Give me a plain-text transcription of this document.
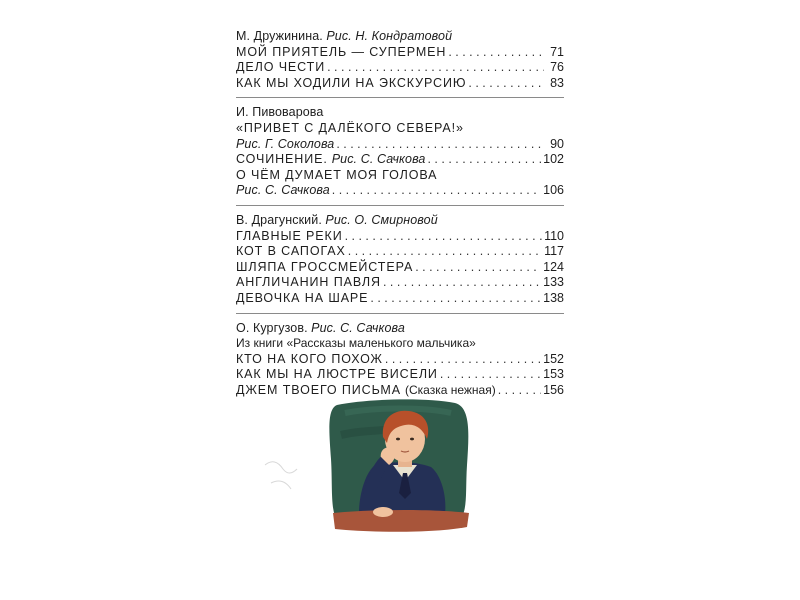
М. Дружинина. Рис. Н. Кондратовой
МОЙ ПРИЯТЕЛЬ — СУПЕРМЕН . . .	71
ДЕЛО ЧЕСТИ . . .	76
КАК МЫ ХОДИЛИ НА ЭКСКУРСИЮ . . .	83
И. Пивоварова
«ПРИВЕТ С ДАЛЁКОГО СЕВЕРА!»
Рис. Г. Соколова . . .	90
СОЧИНЕНИЕ. Рис. С. Сачкова . . .	102
О ЧЁМ ДУМАЕТ МОЯ ГОЛОВА
Рис. С. Сачкова . . .	106
В. Драгунский. Рис. О. Смирновой
ГЛАВНЫЕ РЕКИ . . .	110
КОТ В САПОГАХ . . .	117
ШЛЯПА ГРОССМЕЙСТЕРА . . .	124
АНГЛИЧАНИН ПАВЛЯ . . .	133
ДЕВОЧКА НА ШАРЕ . . .	138
О. Кургузов. Рис. С. Сачкова
Из книги «Рассказы маленького мальчика»
КТО НА КОГО ПОХОЖ . . .	152
КАК МЫ НА ЛЮСТРЕ ВИСЕЛИ . . .	153
ДЖЕМ ТВОЕГО ПИСЬМА (Сказка нежная) . . .	156
